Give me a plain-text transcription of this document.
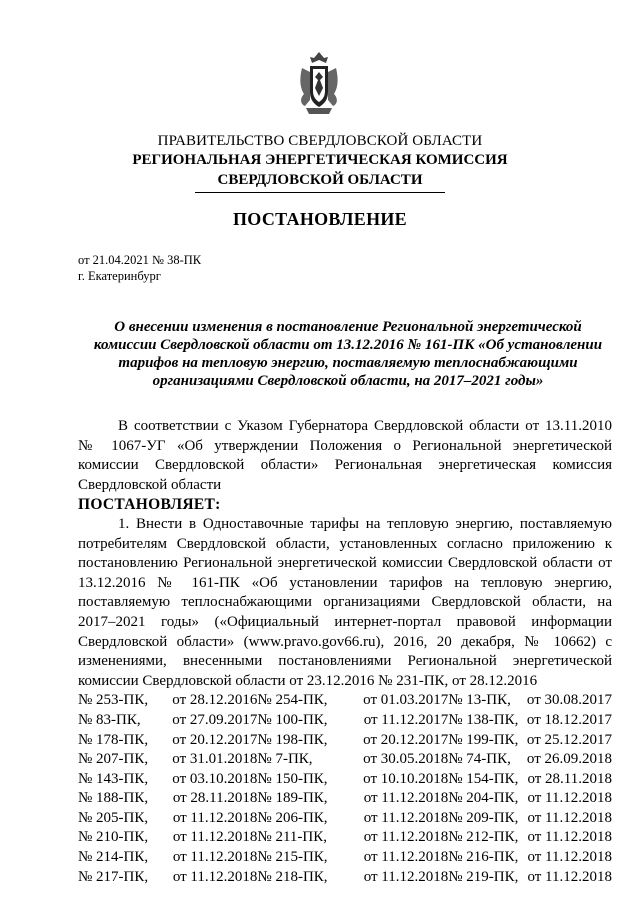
ПРАВИТЕЛЬСТВО СВЕРДЛОВСКОЙ ОБЛАСТИ
РЕГИОНАЛЬНАЯ ЭНЕРГЕТИЧЕСКАЯ КОМИССИЯ
СВЕРДЛОВСКОЙ ОБЛАСТИ
ПОСТАНОВЛЕНИЕ
от 21.04.2021 № 38-ПК
г. Екатеринбург
О внесении изменения в постановление Региональной энергетической
комиссии Свердловской области от 13.12.2016 № 161-ПК «Об установлении
тарифов на тепловую энергию, поставляемую теплоснабжающими
организациями Свердловской области, на 2017–2021 годы»
В соответствии с Указом Губернатора Свердловской области от 13.11.2010 № 1067-УГ «Об утверждении Положения о Региональной энергетической комиссии Свердловской области» Региональная энергетическая комиссия Свердловской области
ПОСТАНОВЛЯЕТ:
1. Внести в Одноставочные тарифы на тепловую энергию, поставляемую потребителям Свердловской области, установленных согласно приложению к постановлению Региональной энергетической комиссии Свердловской области от 13.12.2016 № 161-ПК «Об установлении тарифов на тепловую энергию, поставляемую теплоснабжающими организациями Свердловской области, на 2017–2021 годы» («Официальный интернет-портал правовой информации Свердловской области» (www.pravo.gov66.ru), 2016, 20 декабря, № 10662) с изменениями, внесенными постановлениями Региональной энергетической комиссии Свердловской области от 23.12.2016 № 231-ПК, от 28.12.2016
№ 253-ПК,	от 28.12.2016	№ 254-ПК,	от 01.03.2017	№ 13-ПК,	от 30.08.2017
№ 83-ПК,	от 27.09.2017	№ 100-ПК,	от 11.12.2017	№ 138-ПК,	от 18.12.2017
№ 178-ПК,	от 20.12.2017	№ 198-ПК,	от 20.12.2017	№ 199-ПК,	от 25.12.2017
№ 207-ПК,	от 31.01.2018	№ 7-ПК,	от 30.05.2018	№ 74-ПК,	от 26.09.2018
№ 143-ПК,	от 03.10.2018	№ 150-ПК,	от 10.10.2018	№ 154-ПК,	от 28.11.2018
№ 188-ПК,	от 28.11.2018	№ 189-ПК,	от 11.12.2018	№ 204-ПК,	от 11.12.2018
№ 205-ПК,	от 11.12.2018	№ 206-ПК,	от 11.12.2018	№ 209-ПК,	от 11.12.2018
№ 210-ПК,	от 11.12.2018	№ 211-ПК,	от 11.12.2018	№ 212-ПК,	от 11.12.2018
№ 214-ПК,	от 11.12.2018	№ 215-ПК,	от 11.12.2018	№ 216-ПК,	от 11.12.2018
№ 217-ПК,	от 11.12.2018	№ 218-ПК,	от 11.12.2018	№ 219-ПК,	от 11.12.2018
